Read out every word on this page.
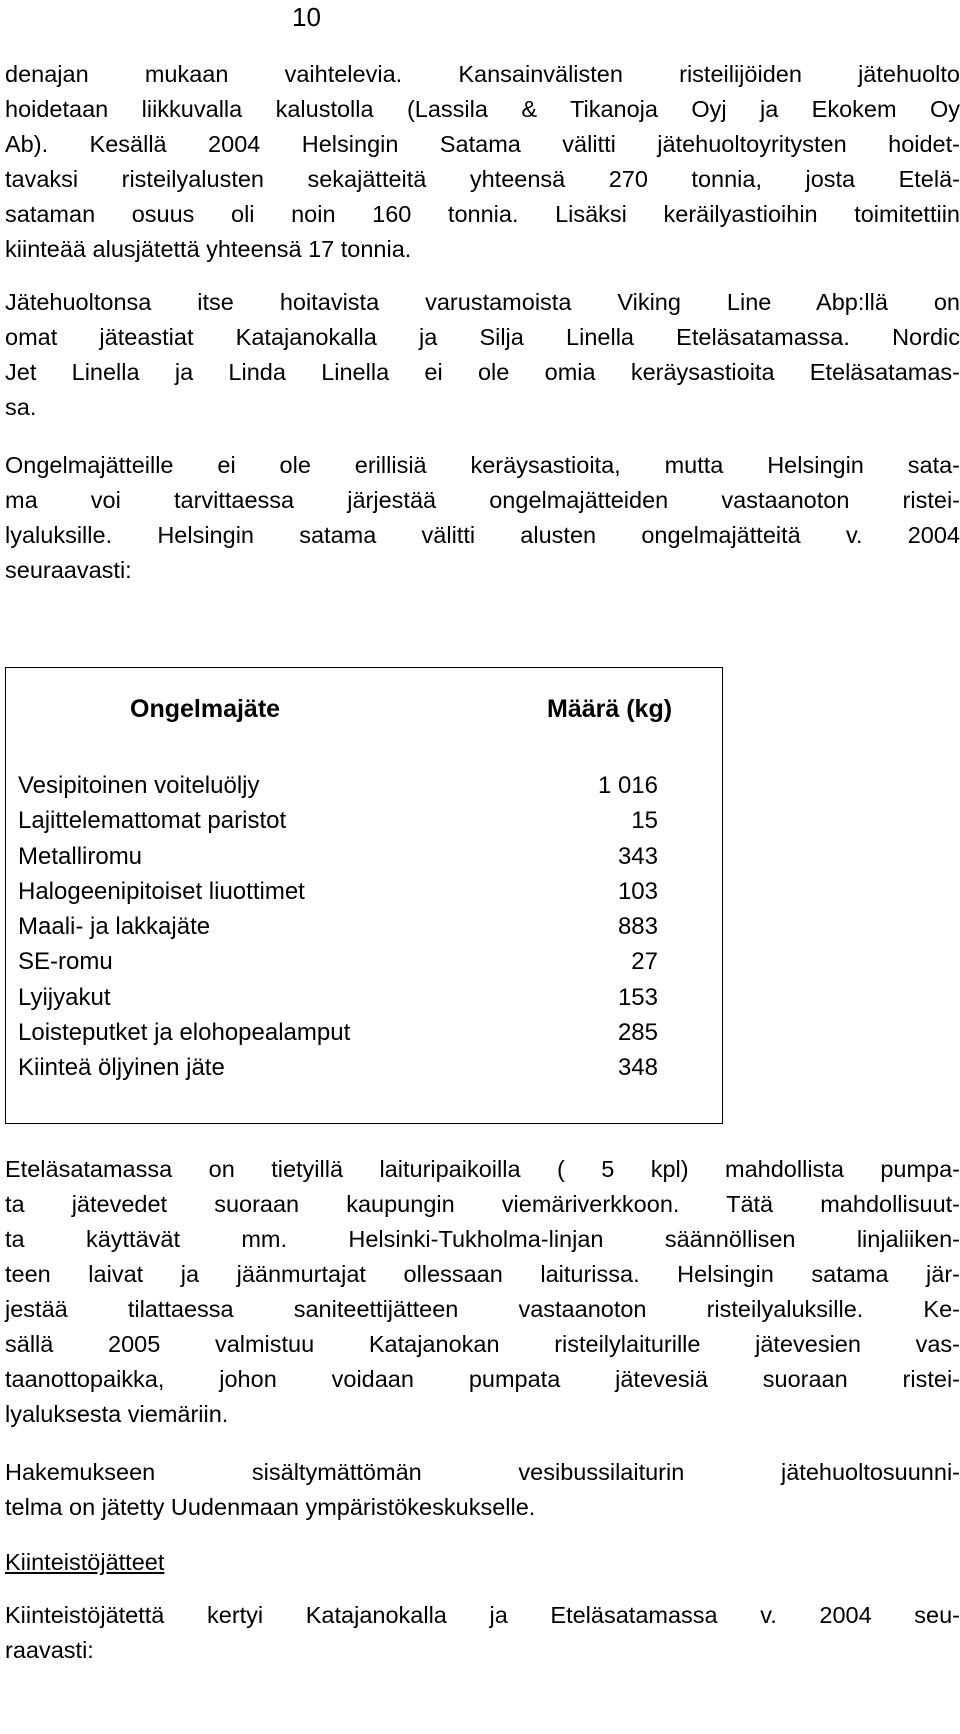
10
denajan mukaan vaihtelevia. Kansainvälisten risteilijöiden jätehuolto
hoidetaan liikkuvalla kalustolla (Lassila & Tikanoja Oyj ja Ekokem Oy
Ab). Kesällä 2004 Helsingin Satama välitti jätehuoltoyritysten hoidet-
tavaksi risteilyalusten sekajätteitä yhteensä 270 tonnia, josta Etelä-
sataman osuus oli noin 160 tonnia. Lisäksi keräilyastioihin toimitettiin
kiinteää alusjätettä yhteensä 17 tonnia.
Jätehuoltonsa itse hoitavista varustamoista Viking Line Abp:llä on
omat jäteastiat Katajanokalla ja Silja Linella Eteläsatamassa. Nordic
Jet Linella ja Linda Linella ei ole omia keräysastioita Eteläsatamas-
sa.
Ongelmajätteille ei ole erillisiä keräysastioita, mutta Helsingin sata-
ma voi tarvittaessa järjestää ongelmajätteiden vastaanoton ristei-
lyaluksille. Helsingin satama välitti alusten ongelmajätteitä v. 2004
seuraavasti:
Ongelmajäte	Määrä (kg)
Vesipitoinen voiteluöljy	1 016
Lajittelemattomat paristot	15
Metalliromu	343
Halogeenipitoiset liuottimet	103
Maali- ja lakkajäte	883
SE-romu	27
Lyijyakut	153
Loisteputket ja elohopealamput	285
Kiinteä öljyinen jäte	348
Eteläsatamassa on tietyillä laituripaikoilla ( 5 kpl) mahdollista pumpa-
ta jätevedet suoraan kaupungin viemäriverkkoon. Tätä mahdollisuut-
ta käyttävät mm. Helsinki-Tukholma-linjan säännöllisen linjaliiken-
teen laivat ja jäänmurtajat ollessaan laiturissa. Helsingin satama jär-
jestää tilattaessa saniteettijätteen vastaanoton risteilyaluksille. Ke-
sällä 2005 valmistuu Katajanokan risteilylaiturille jätevesien vas-
taanottopaikka, johon voidaan pumpata jätevesiä suoraan ristei-
lyaluksesta viemäriin.
Hakemukseen sisältymättömän vesibussilaiturin jätehuoltosuunni-
telma on jätetty Uudenmaan ympäristökeskukselle.
Kiinteistöjätteet
Kiinteistöjätettä kertyi Katajanokalla ja Eteläsatamassa v. 2004 seu-
raavasti:
